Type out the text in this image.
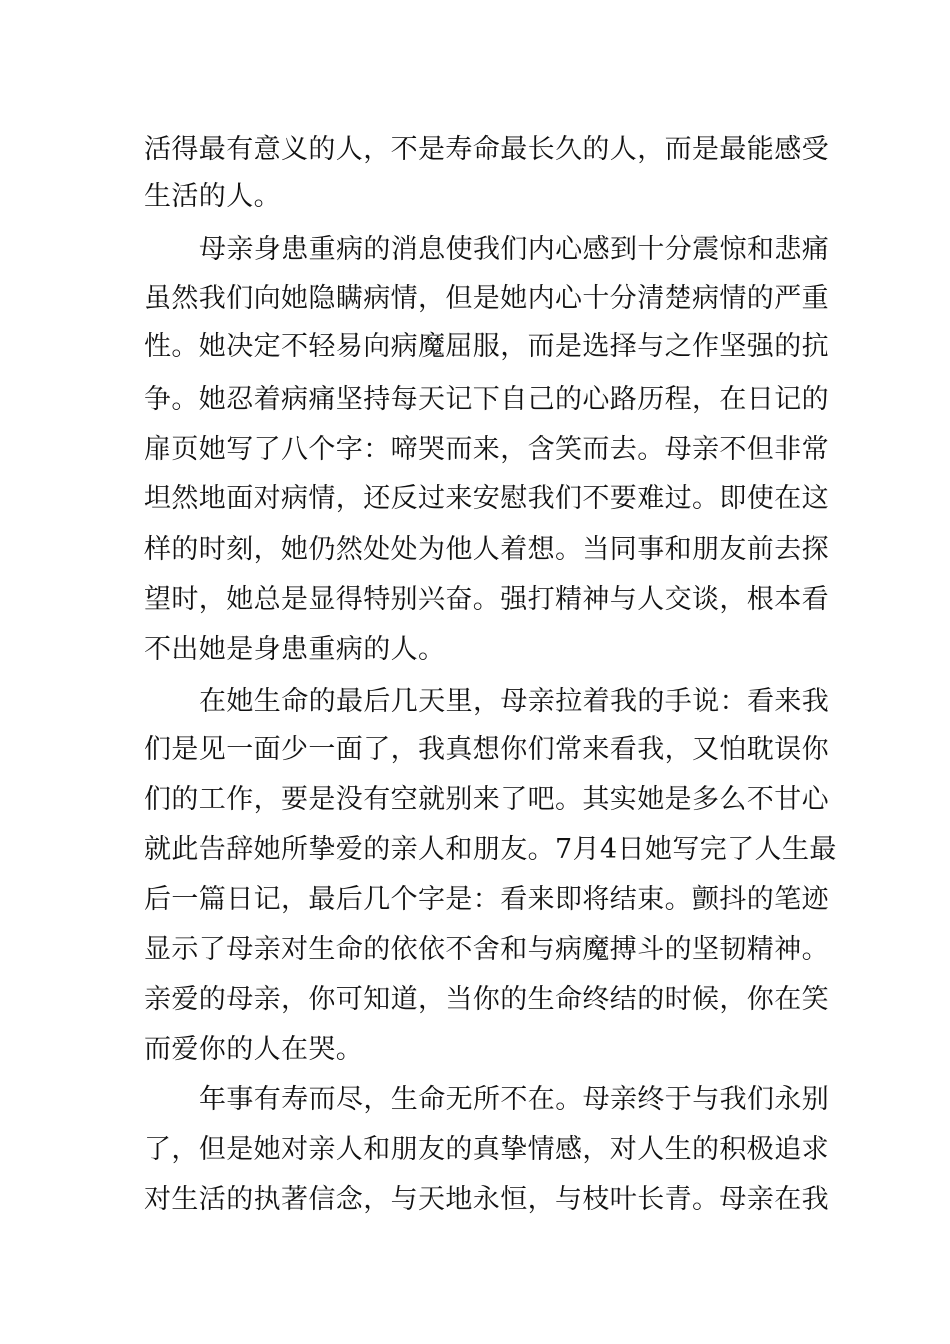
活得最有意义的人，不是寿命最长久的人，而是最能感受
生活的人。
母亲身患重病的消息使我们内心感到十分震惊和悲痛
虽然我们向她隐瞒病情，但是她内心十分清楚病情的严重
性。她决定不轻易向病魔屈服，而是选择与之作坚强的抗
争。她忍着病痛坚持每天记下自己的心路历程，在日记的
扉页她写了八个字：啼哭而来，含笑而去。母亲不但非常
坦然地面对病情，还反过来安慰我们不要难过。即使在这
样的时刻，她仍然处处为他人着想。当同事和朋友前去探
望时，她总是显得特别兴奋。强打精神与人交谈，根本看
不出她是身患重病的人。
在她生命的最后几天里，母亲拉着我的手说：看来我
们是见一面少一面了，我真想你们常来看我，又怕耽误你
们的工作，要是没有空就别来了吧。其实她是多么不甘心
就此告辞她所挚爱的亲人和朋友。7月4日她写完了人生最
后一篇日记，最后几个字是：看来即将结束。颤抖的笔迹
显示了母亲对生命的依依不舍和与病魔搏斗的坚韧精神。
亲爱的母亲，你可知道，当你的生命终结的时候，你在笑
而爱你的人在哭。
年事有寿而尽，生命无所不在。母亲终于与我们永别
了，但是她对亲人和朋友的真挚情感，对人生的积极追求
对生活的执著信念，与天地永恒，与枝叶长青。母亲在我
